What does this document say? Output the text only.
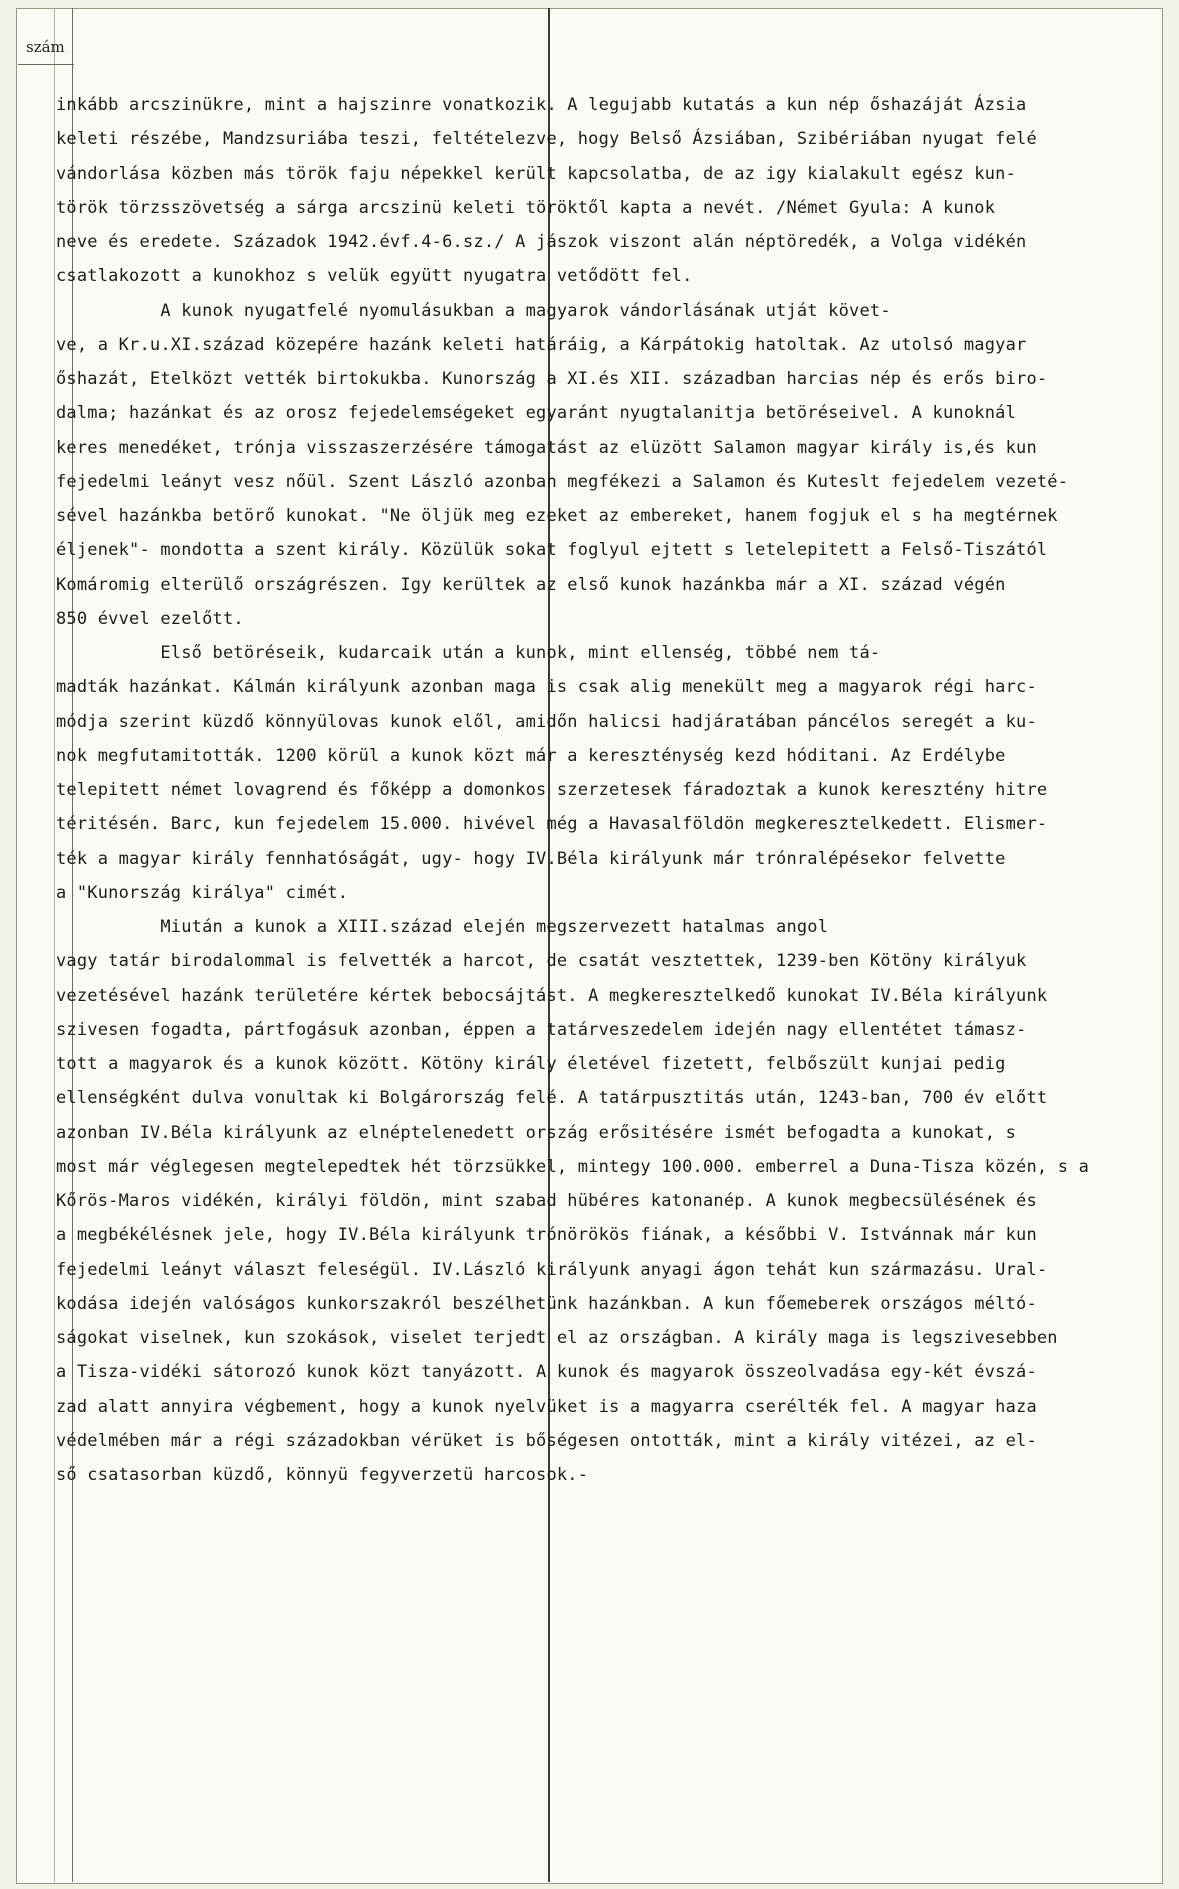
szám
inkább arcszinükre, mint a hajszinre vonatkozik. A legujabb kutatás a kun nép őshazáját Ázsia
keleti részébe, Mandzsuriába teszi, feltételezve, hogy Belső Ázsiában, Szibériában nyugat felé
vándorlása közben más török faju népekkel került kapcsolatba, de az igy kialakult egész kun-
török törzsszövetség a sárga arcszinü keleti töröktől kapta a nevét. /Német Gyula: A kunok
neve és eredete. Századok 1942.évf.4-6.sz./ A jászok viszont alán néptöredék, a Volga vidékén
csatlakozott a kunokhoz s velük együtt nyugatra vetődött fel.
A kunok nyugatfelé nyomulásukban a magyarok vándorlásának utját követ-
ve, a Kr.u.XI.század közepére hazánk keleti határáig, a Kárpátokig hatoltak. Az utolsó magyar
őshazát, Etelközt vették birtokukba. Kunország a XI.és XII. században harcias nép és erős biro-
dalma; hazánkat és az orosz fejedelemségeket egyaránt nyugtalanitja betöréseivel. A kunoknál
keres menedéket, trónja visszaszerzésére támogatást az elüzött Salamon magyar király is,és kun
fejedelmi leányt vesz nőül. Szent László azonban megfékezi a Salamon és Kuteslt fejedelem vezeté-
sével hazánkba betörő kunokat. "Ne öljük meg ezeket az embereket, hanem fogjuk el s ha megtérnek
éljenek"- mondotta a szent király. Közülük sokat foglyul ejtett s letelepitett a Felső-Tiszától
Komáromig elterülő országrészen. Igy kerültek az első kunok hazánkba már a XI. század végén
850 évvel ezelőtt.
Első betöréseik, kudarcaik után a kunok, mint ellenség, többé nem tá-
madták hazánkat. Kálmán királyunk azonban maga is csak alig menekült meg a magyarok régi harc-
módja szerint küzdő könnyülovas kunok elől, amidőn halicsi hadjáratában páncélos seregét a ku-
nok megfutamitották. 1200 körül a kunok közt már a kereszténység kezd hóditani. Az Erdélybe
telepitett német lovagrend és főképp a domonkos szerzetesek fáradoztak a kunok keresztény hitre
téritésén. Barc, kun fejedelem 15.000. hivével még a Havasalföldön megkeresztelkedett. Elismer-
ték a magyar király fennhatóságát, ugy- hogy IV.Béla királyunk már trónralépésekor felvette
a "Kunország királya" cimét.
Miután a kunok a XIII.század elején megszervezett hatalmas angol
vagy tatár birodalommal is felvették a harcot, de csatát vesztettek, 1239-ben Kötöny királyuk
vezetésével hazánk területére kértek bebocsájtást. A megkeresztelkedő kunokat IV.Béla királyunk
szivesen fogadta, pártfogásuk azonban, éppen a tatárveszedelem idején nagy ellentétet támasz-
tott a magyarok és a kunok között. Kötöny király életével fizetett, felbőszült kunjai pedig
ellenségként dulva vonultak ki Bolgárország felé. A tatárpusztitás után, 1243-ban, 700 év előtt
azonban IV.Béla királyunk az elnéptelenedett ország erősitésére ismét befogadta a kunokat, s
most már véglegesen megtelepedtek hét törzsükkel, mintegy 100.000. emberrel a Duna-Tisza közén, s a
Kőrös-Maros vidékén, királyi földön, mint szabad hübéres katonanép. A kunok megbecsülésének és
a megbékélésnek jele, hogy IV.Béla királyunk trónörökös fiának, a későbbi V. Istvánnak már kun
fejedelmi leányt választ feleségül. IV.László királyunk anyagi ágon tehát kun származásu. Ural-
kodása idején valóságos kunkorszakról beszélhetünk hazánkban. A kun főemeberek országos méltó-
ságokat viselnek, kun szokások, viselet terjedt el az országban. A király maga is legszivesebben
a Tisza-vidéki sátorozó kunok közt tanyázott. A kunok és magyarok összeolvadása egy-két évszá-
zad alatt annyira végbement, hogy a kunok nyelvüket is a magyarra cserélték fel. A magyar haza
védelmében már a régi századokban vérüket is bőségesen ontották, mint a király vitézei, az el-
ső csatasorban küzdő, könnyü fegyverzetü harcosok.-
